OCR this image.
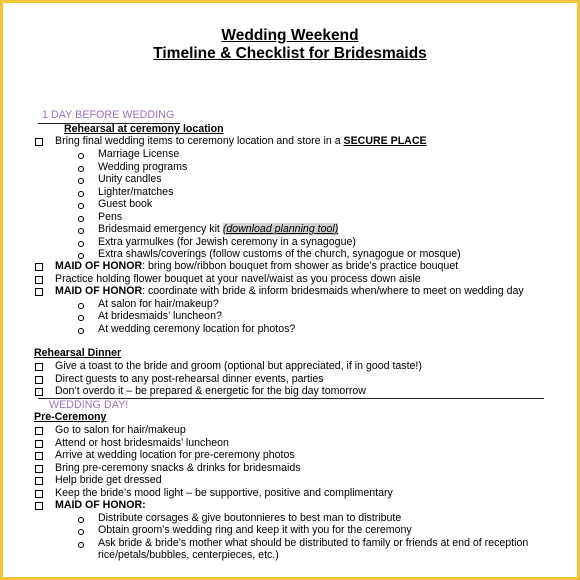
Wedding Weekend
Timeline & Checklist for Bridesmaids
1 DAY BEFORE WEDDING
Rehearsal at ceremony location
Bring final wedding items to ceremony location and store in a SECURE PLACE
Marriage License
Wedding programs
Unity candles
Lighter/matches
Guest book
Pens
Bridesmaid emergency kit (download planning tool)
Extra yarmulkes (for Jewish ceremony in a synagogue)
Extra shawls/coverings (follow customs of the church, synagogue or mosque)
MAID OF HONOR: bring bow/ribbon bouquet from shower as bride’s practice bouquet
Practice holding flower bouquet at your navel/waist as you process down aisle
MAID OF HONOR: coordinate with bride & inform bridesmaids when/where to meet on wedding day
At salon for hair/makeup?
At bridesmaids’ luncheon?
At wedding ceremony location for photos?
Rehearsal Dinner
Give a toast to the bride and groom (optional but appreciated, if in good taste!)
Direct guests to any post-rehearsal dinner events, parties
Don’t overdo it – be prepared & energetic for the big day tomorrow
WEDDING DAY!
Pre-Ceremony
Go to salon for hair/makeup
Attend or host bridesmaids’ luncheon
Arrive at wedding location for pre-ceremony photos
Bring pre-ceremony snacks & drinks for bridesmaids
Help bride get dressed
Keep the bride’s mood light – be supportive, positive and complimentary
MAID OF HONOR:
Distribute corsages & give boutonnieres to best man to distribute
Obtain groom’s wedding ring and keep it with you for the ceremony
Ask bride & bride’s mother what should be distributed to family or friends at end of reception
rice/petals/bubbles, centerpieces, etc.)
